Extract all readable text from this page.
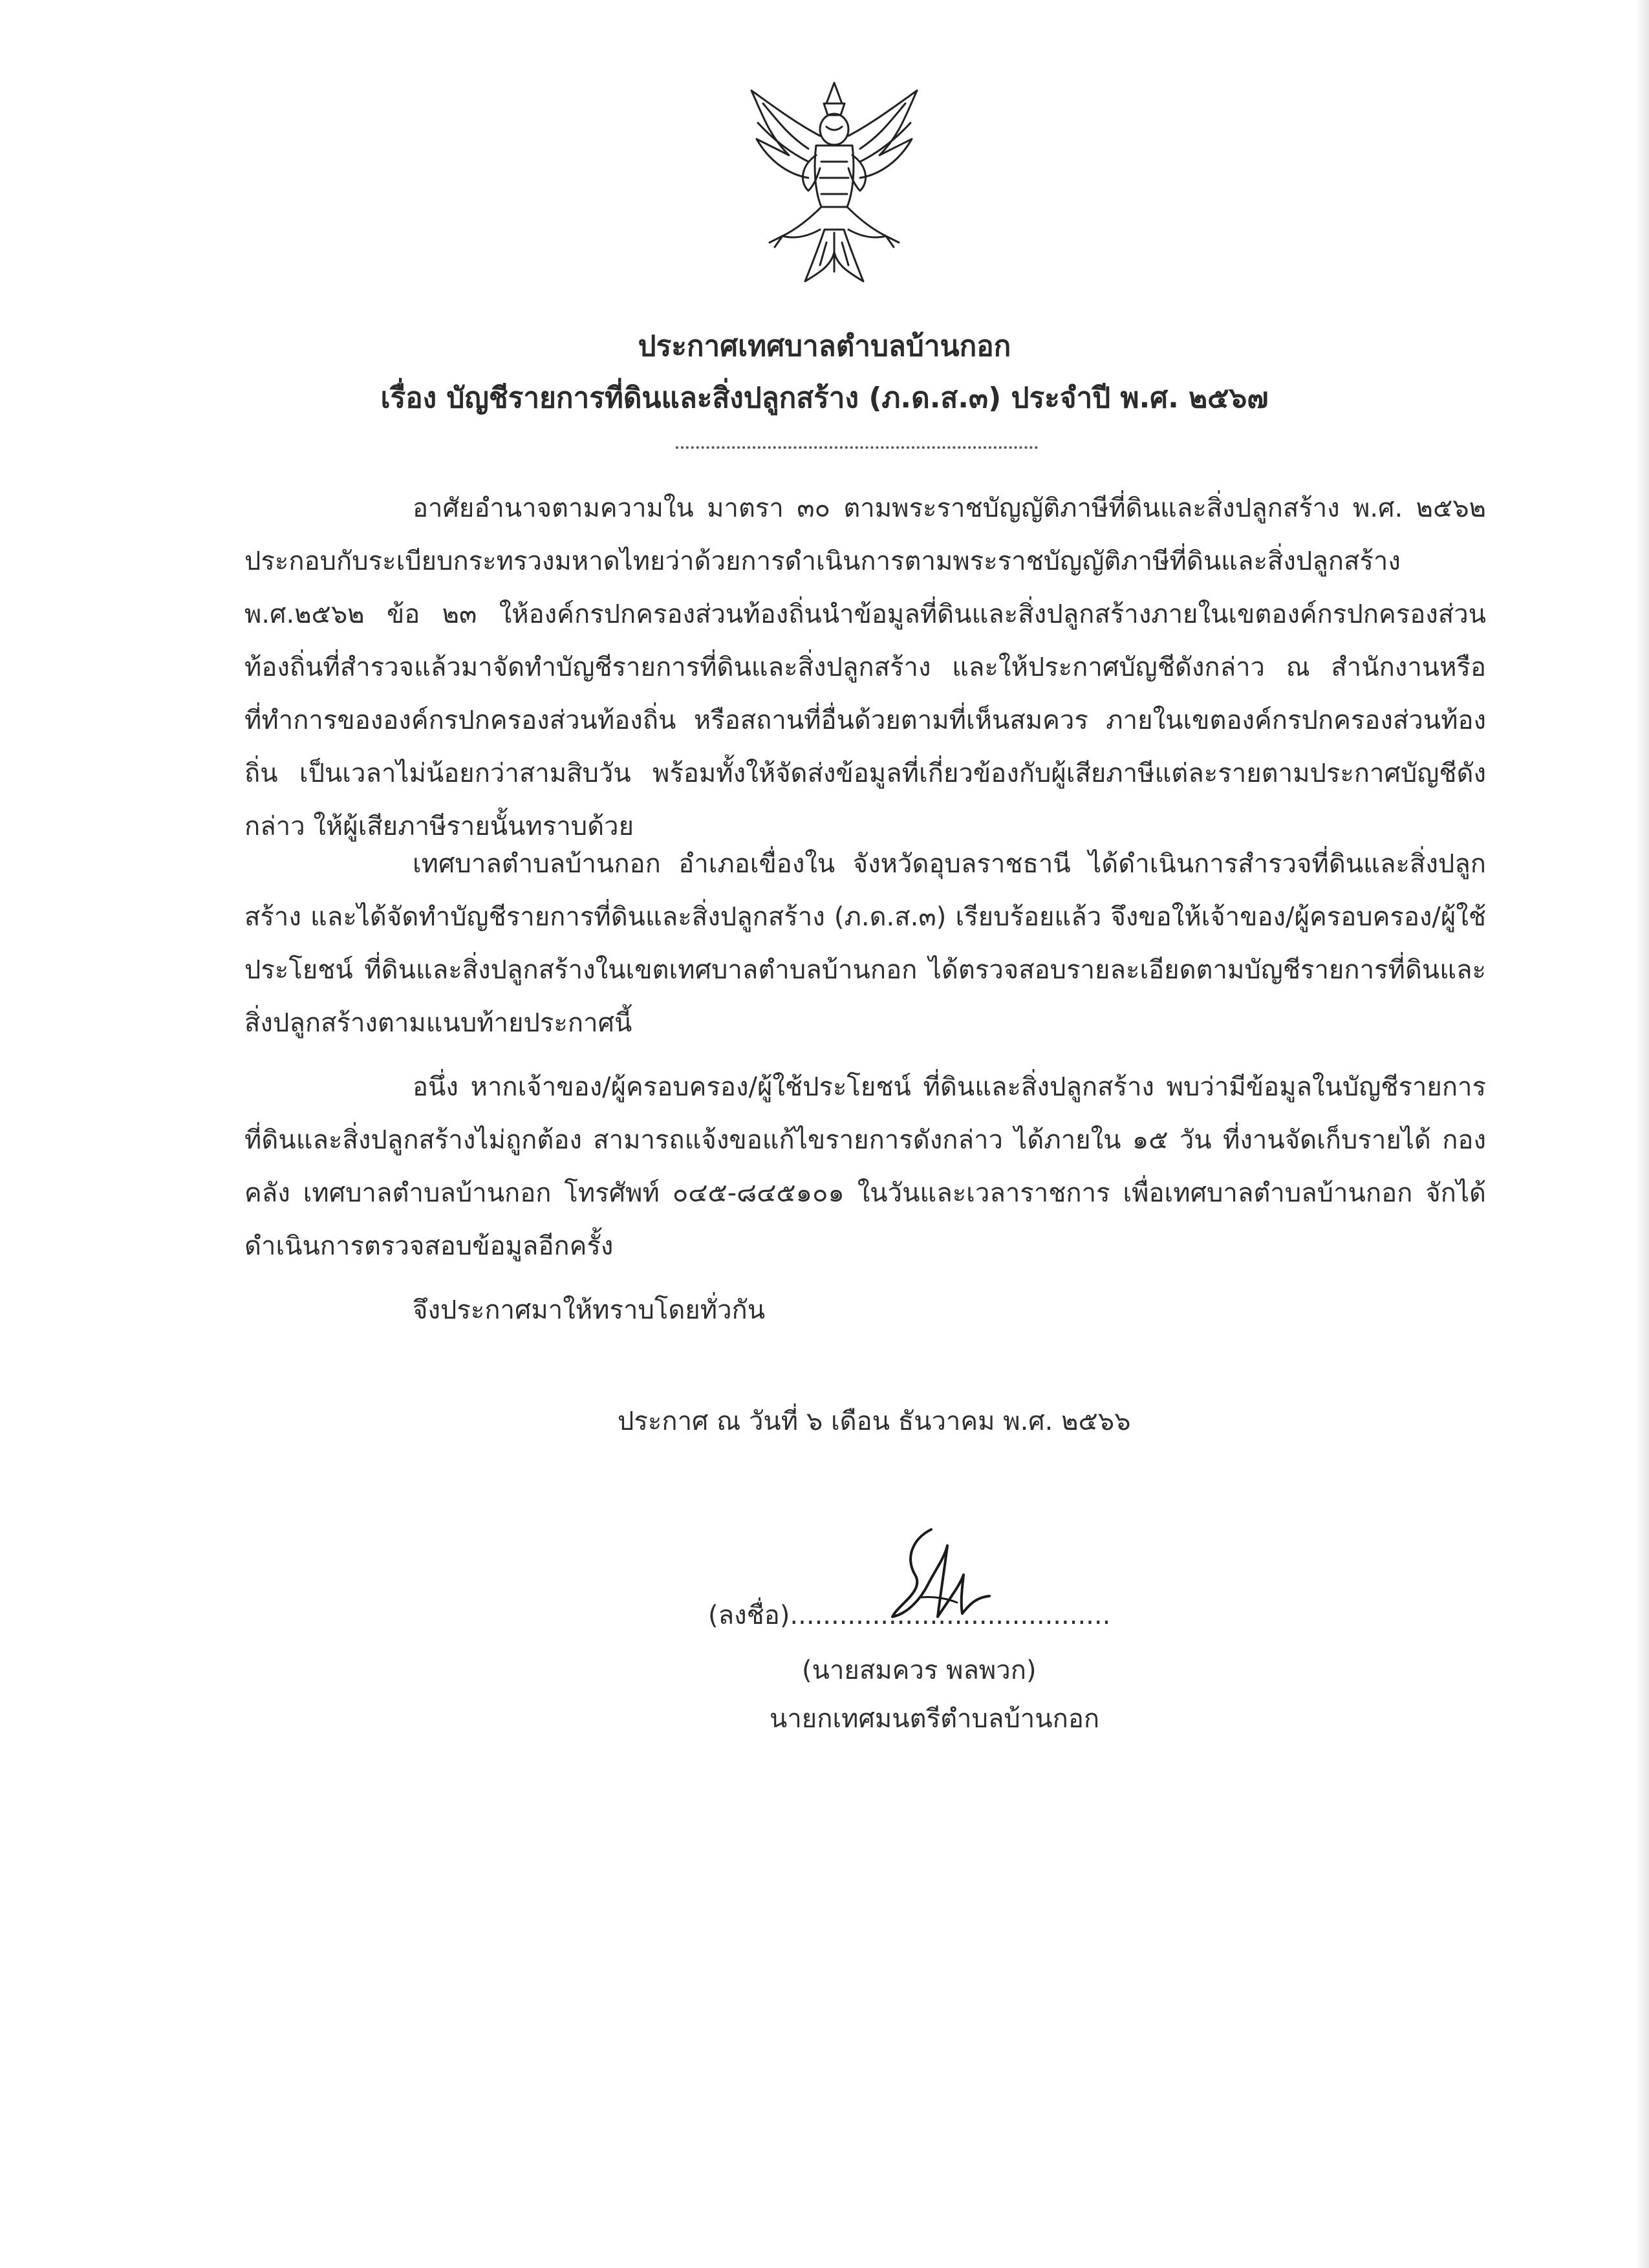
ประกาศเทศบาลตำบลบ้านกอก
เรื่อง บัญชีรายการที่ดินและสิ่งปลูกสร้าง (ภ.ด.ส.๓) ประจำปี พ.ศ. ๒๕๖๗
อาศัยอำนาจตามความใน มาตรา ๓๐ ตามพระราชบัญญัติภาษีที่ดินและสิ่งปลูกสร้าง พ.ศ. ๒๕๖๒ ประกอบกับระเบียบกระทรวงมหาดไทยว่าด้วยการดำเนินการตามพระราชบัญญัติภาษีที่ดินและสิ่งปลูกสร้าง พ.ศ.๒๕๖๒ ข้อ ๒๓ ให้องค์กรปกครองส่วนท้องถิ่นนำข้อมูลที่ดินและสิ่งปลูกสร้างภายในเขตองค์กรปกครองส่วนท้องถิ่นที่สำรวจแล้วมาจัดทำบัญชีรายการที่ดินและสิ่งปลูกสร้าง และให้ประกาศบัญชีดังกล่าว ณ สำนักงานหรือที่ทำการขององค์กรปกครองส่วนท้องถิ่น หรือสถานที่อื่นด้วยตามที่เห็นสมควร ภายในเขตองค์กรปกครองส่วนท้องถิ่น เป็นเวลาไม่น้อยกว่าสามสิบวัน พร้อมทั้งให้จัดส่งข้อมูลที่เกี่ยวข้องกับผู้เสียภาษีแต่ละรายตามประกาศบัญชีดังกล่าว ให้ผู้เสียภาษีรายนั้นทราบด้วย
เทศบาลตำบลบ้านกอก อำเภอเขื่องใน จังหวัดอุบลราชธานี ได้ดำเนินการสำรวจที่ดินและสิ่งปลูกสร้าง และได้จัดทำบัญชีรายการที่ดินและสิ่งปลูกสร้าง (ภ.ด.ส.๓) เรียบร้อยแล้ว จึงขอให้เจ้าของ/ผู้ครอบครอง/ผู้ใช้ประโยชน์ ที่ดินและสิ่งปลูกสร้างในเขตเทศบาลตำบลบ้านกอก ได้ตรวจสอบรายละเอียดตามบัญชีรายการที่ดินและสิ่งปลูกสร้างตามแนบท้ายประกาศนี้
อนึ่ง หากเจ้าของ/ผู้ครอบครอง/ผู้ใช้ประโยชน์ ที่ดินและสิ่งปลูกสร้าง พบว่ามีข้อมูลในบัญชีรายการที่ดินและสิ่งปลูกสร้างไม่ถูกต้อง สามารถแจ้งขอแก้ไขรายการดังกล่าว ได้ภายใน ๑๕ วัน ที่งานจัดเก็บรายได้ กองคลัง เทศบาลตำบลบ้านกอก โทรศัพท์ ๐๔๕-๘๔๕๑๐๑ ในวันและเวลาราชการ เพื่อเทศบาลตำบลบ้านกอก จักได้ดำเนินการตรวจสอบข้อมูลอีกครั้ง
จึงประกาศมาให้ทราบโดยทั่วกัน
ประกาศ ณ วันที่ ๖ เดือน ธันวาคม พ.ศ. ๒๕๖๖
(ลงชื่อ).......................................
(นายสมควร พลพวก)
นายกเทศมนตรีตำบลบ้านกอก
